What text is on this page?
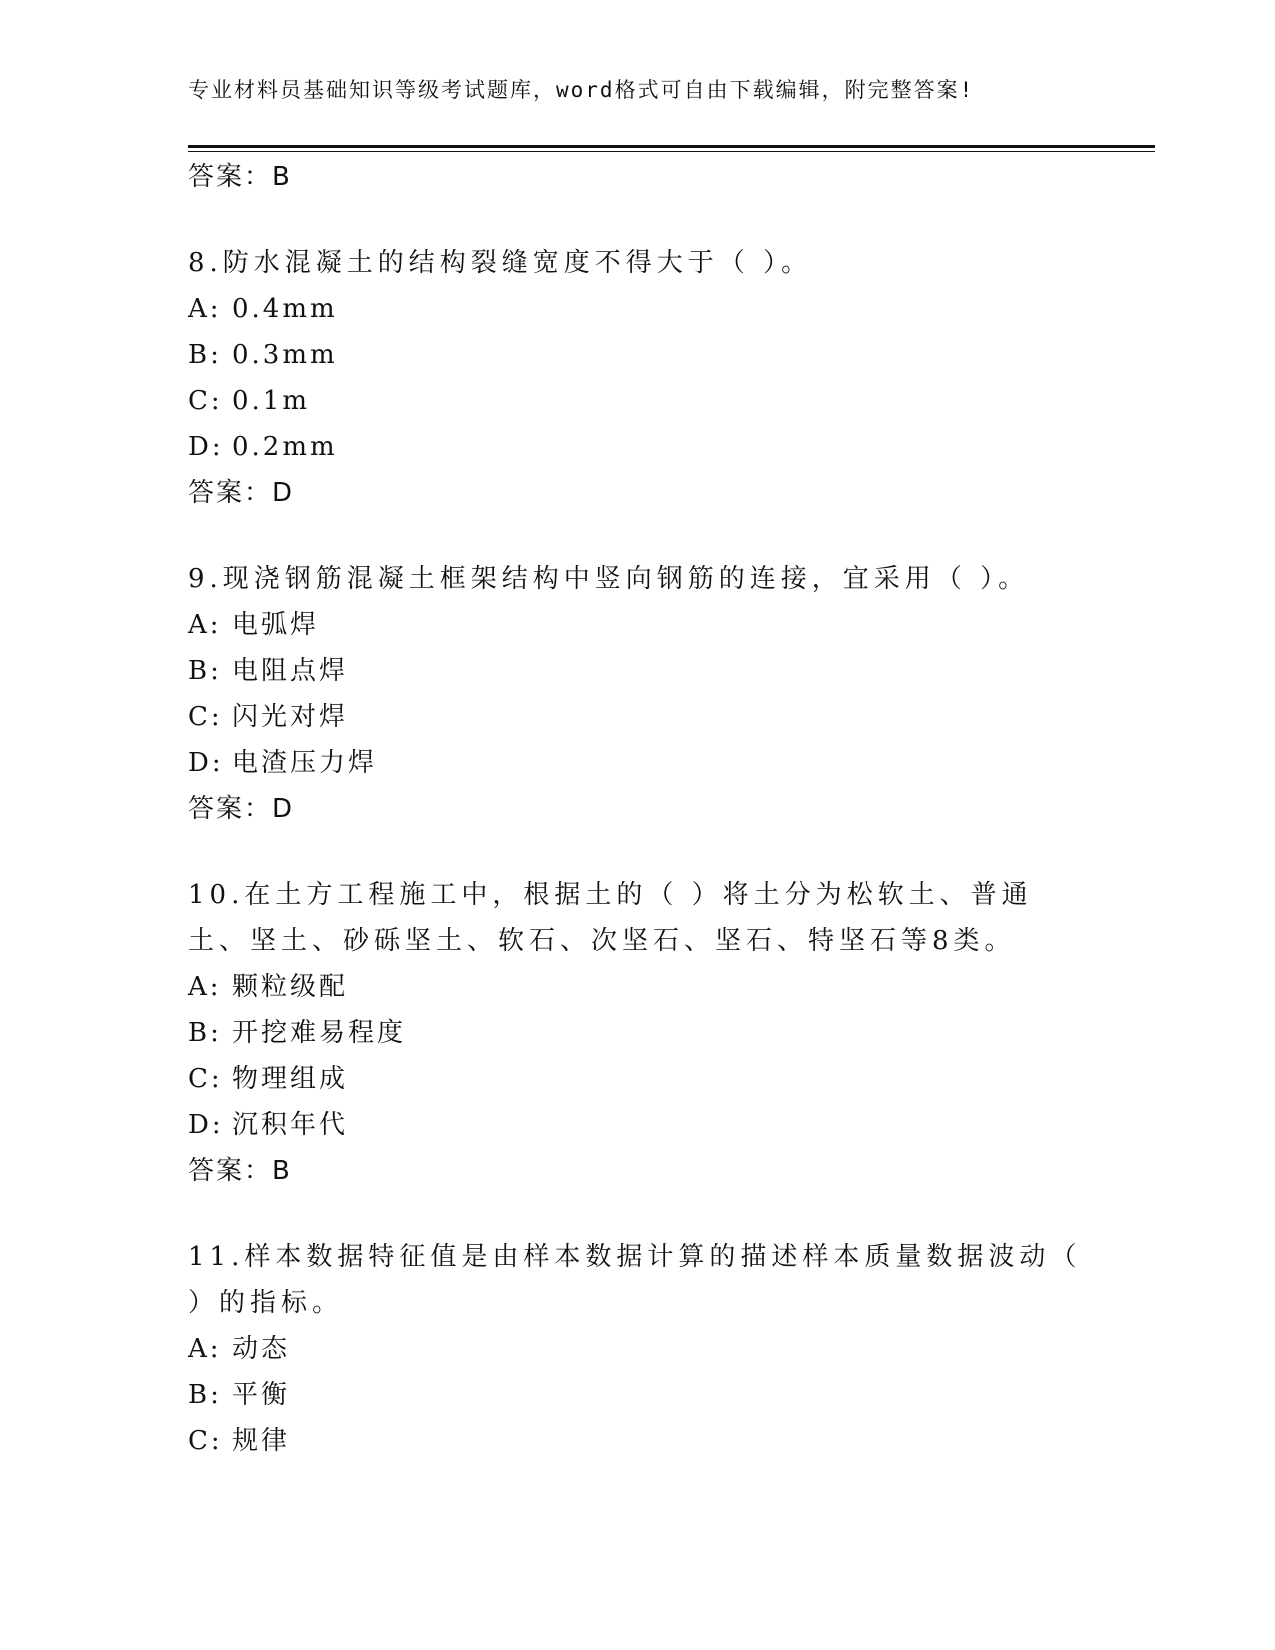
专业材料员基础知识等级考试题库，word格式可自由下载编辑，附完整答案!
答案：B
8.防水混凝土的结构裂缝宽度不得大于（ ）。
A: 0.4mm
B: 0.3mm
C: 0.1m
D: 0.2mm
答案：D
9.现浇钢筋混凝土框架结构中竖向钢筋的连接，宜采用（ ）。
A: 电弧焊
B: 电阻点焊
C: 闪光对焊
D: 电渣压力焊
答案：D
10.在土方工程施工中，根据土的（ ）将土分为松软土、普通土、坚土、砂砾坚土、软石、次坚石、坚石、特坚石等8类。
A: 颗粒级配
B: 开挖难易程度
C: 物理组成
D: 沉积年代
答案：B
11.样本数据特征值是由样本数据计算的描述样本质量数据波动（ ）的指标。
A: 动态
B: 平衡
C: 规律
